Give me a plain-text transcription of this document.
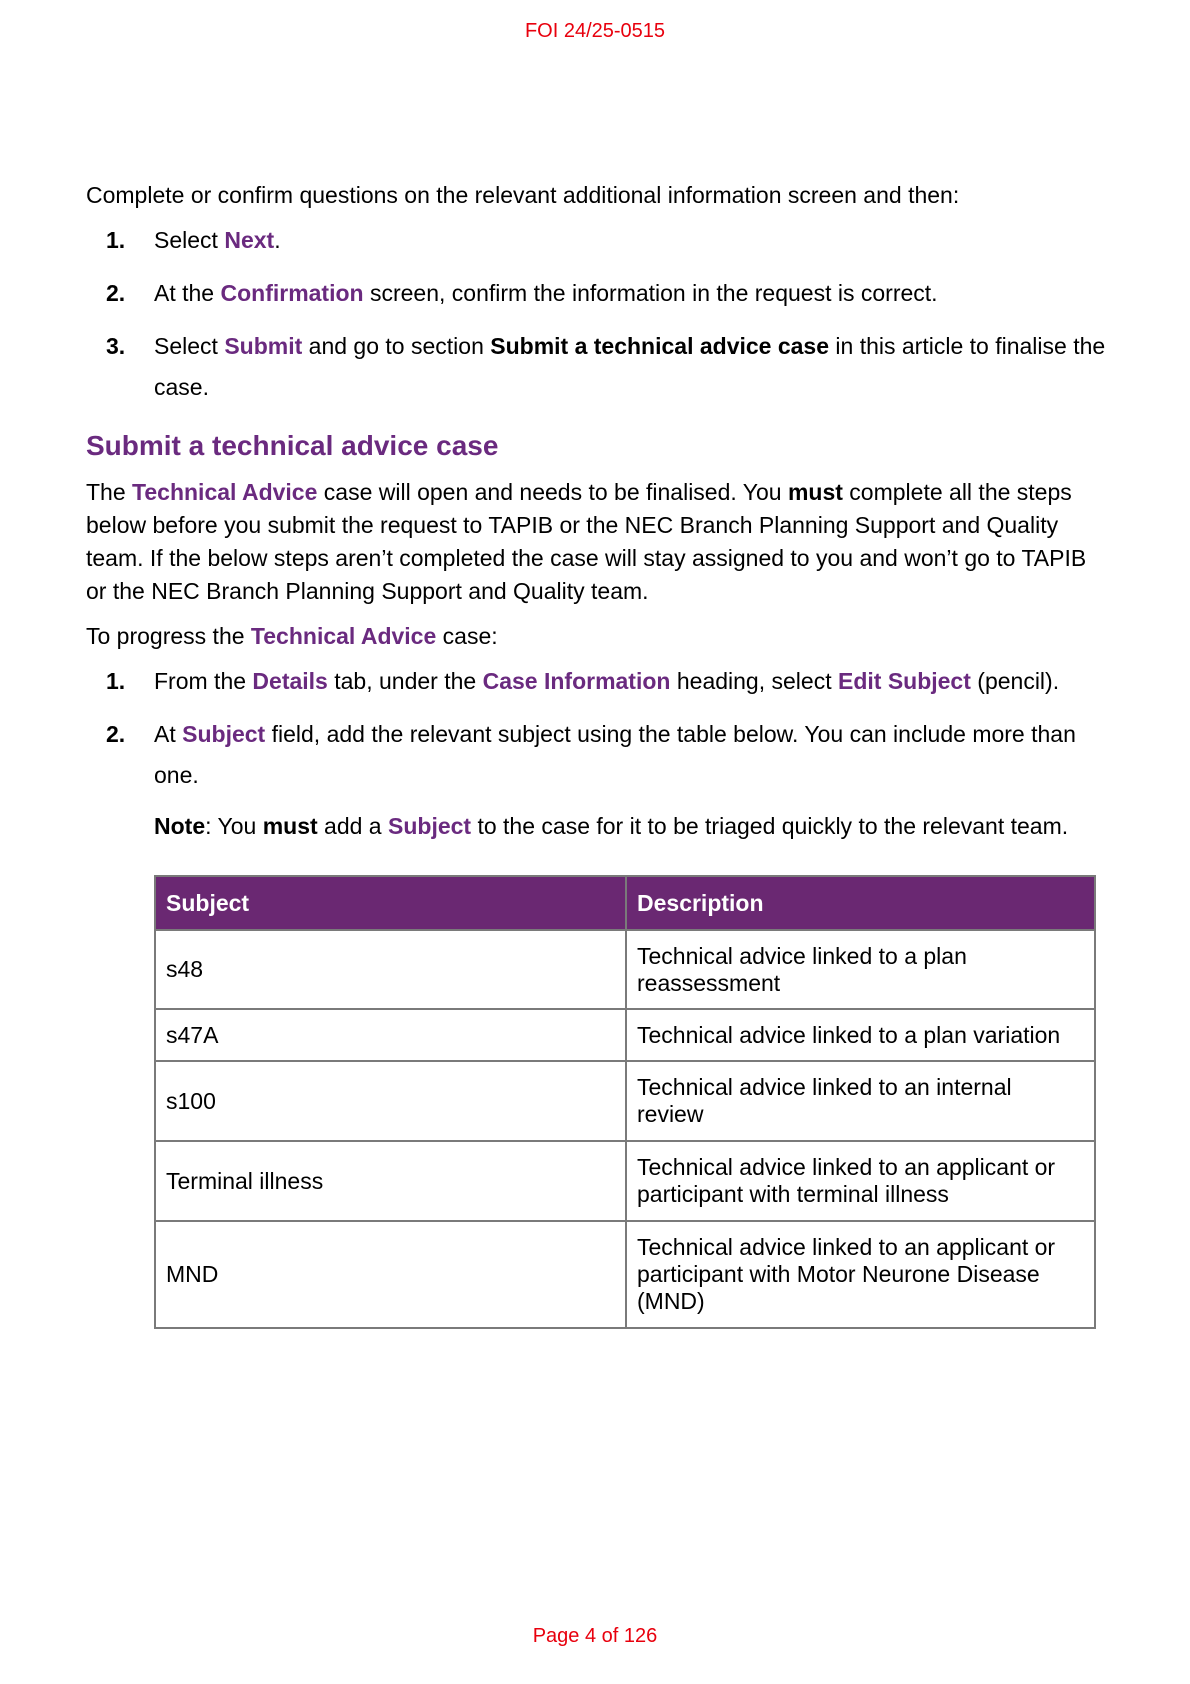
FOI 24/25-0515

Complete or confirm questions on the relevant additional information screen and then:

1. Select Next.
2. At the Confirmation screen, confirm the information in the request is correct.
3. Select Submit and go to section Submit a technical advice case in this article to finalise the case.
Submit a technical advice case

The Technical Advice case will open and needs to be finalised. You must complete all the steps below before you submit the request to TAPIB or the NEC Branch Planning Support and Quality team. If the below steps aren’t completed the case will stay assigned to you and won’t go to TAPIB or the NEC Branch Planning Support and Quality team.

To progress the Technical Advice case:

1. From the Details tab, under the Case Information heading, select Edit Subject (pencil).
2. At Subject field, add the relevant subject using the table below. You can include more than one.

Note: You must add a Subject to the case for it to be triaged quickly to the relevant team.

Subject	Description
s48	Technical advice linked to a plan reassessment
s47A	Technical advice linked to a plan variation
s100	Technical advice linked to an internal review
Terminal illness	Technical advice linked to an applicant or participant with terminal illness
MND	Technical advice linked to an applicant or participant with Motor Neurone Disease (MND)
Page 4 of 126
